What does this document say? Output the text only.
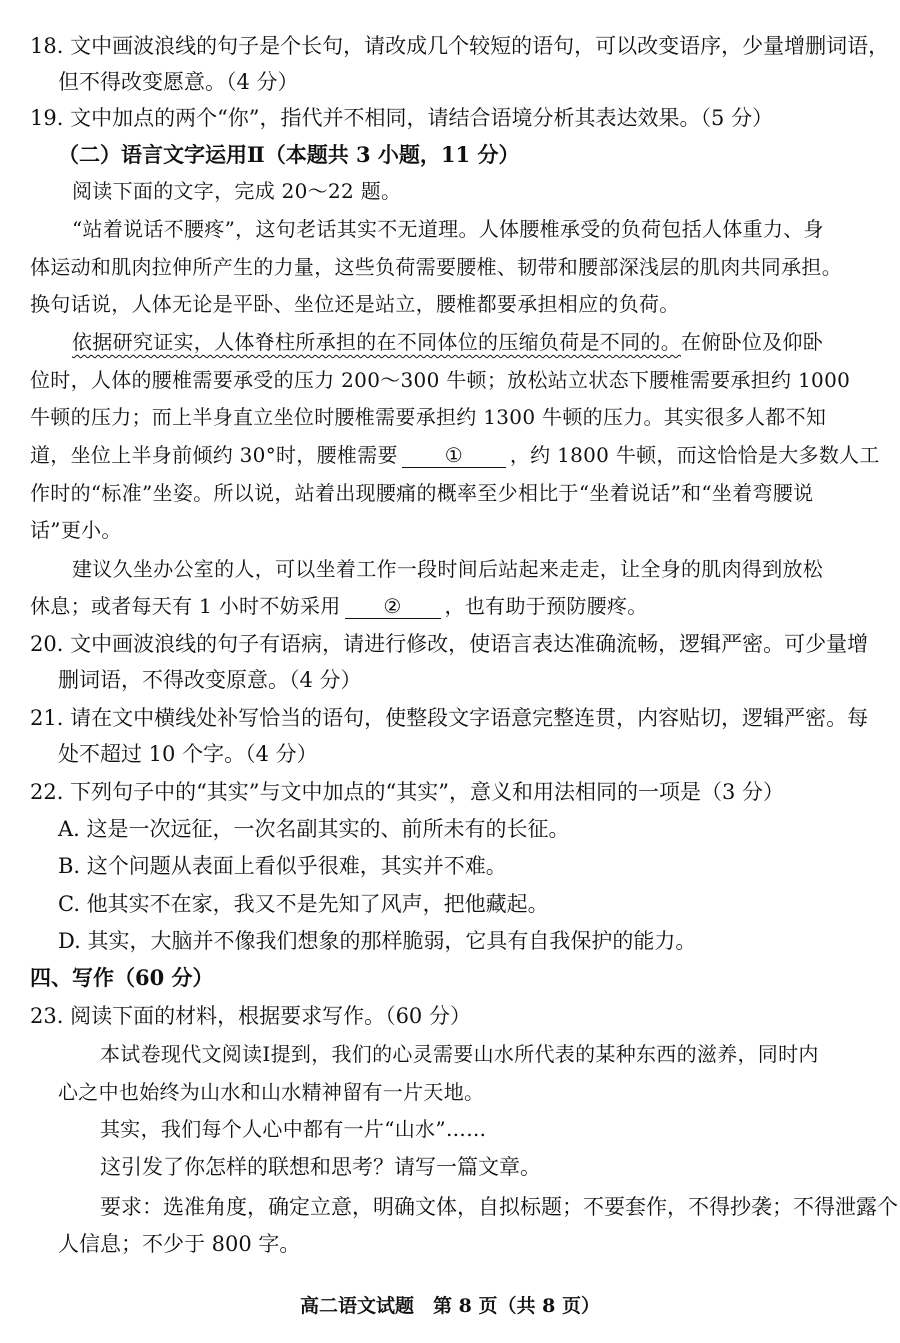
18. 文中画波浪线的句子是个长句，请改成几个较短的语句，可以改变语序，少量增删词语，
但不得改变愿意。（4 分）
19. 文中加点的两个“你”，指代并不相同，请结合语境分析其表达效果。（5 分）
（二）语言文字运用Ⅱ（本题共 3 小题，11 分）
阅读下面的文字，完成 20～22 题。
“站着说话不腰疼”，这句老话其实不无道理。人体腰椎承受的负荷包括人体重力、身
体运动和肌肉拉伸所产生的力量，这些负荷需要腰椎、韧带和腰部深浅层的肌肉共同承担。
换句话说，人体无论是平卧、坐位还是站立，腰椎都要承担相应的负荷。
依据研究证实，人体脊柱所承担的在不同体位的压缩负荷是不同的。在俯卧位及仰卧
位时，人体的腰椎需要承受的压力 200～300 牛顿；放松站立状态下腰椎需要承担约 1000
牛顿的压力；而上半身直立坐位时腰椎需要承担约 1300 牛顿的压力。其实很多人都不知
道，坐位上半身前倾约 30°时，腰椎需要 ① ，约 1800 牛顿，而这恰恰是大多数人工
作时的“标准”坐姿。所以说，站着出现腰痛的概率至少相比于“坐着说话”和“坐着弯腰说
话”更小。
建议久坐办公室的人，可以坐着工作一段时间后站起来走走，让全身的肌肉得到放松
休息；或者每天有 1 小时不妨采用 ② ，也有助于预防腰疼。
20. 文中画波浪线的句子有语病，请进行修改，使语言表达准确流畅，逻辑严密。可少量增
删词语，不得改变原意。（4 分）
21. 请在文中横线处补写恰当的语句，使整段文字语意完整连贯，内容贴切，逻辑严密。每
处不超过 10 个字。（4 分）
22. 下列句子中的“其实”与文中加点的“其实”，意义和用法相同的一项是（3 分）
A. 这是一次远征，一次名副其实的、前所未有的长征。
B. 这个问题从表面上看似乎很难，其实并不难。
C. 他其实不在家，我又不是先知了风声，把他藏起。
D. 其实，大脑并不像我们想象的那样脆弱，它具有自我保护的能力。
四、写作（60 分）
23. 阅读下面的材料，根据要求写作。（60 分）
本试卷现代文阅读Ⅰ提到，我们的心灵需要山水所代表的某种东西的滋养，同时内
心之中也始终为山水和山水精神留有一片天地。
其实，我们每个人心中都有一片“山水”……
这引发了你怎样的联想和思考？请写一篇文章。
要求：选准角度，确定立意，明确文体，自拟标题；不要套作，不得抄袭；不得泄露个
人信息；不少于 800 字。
高二语文试题　第 8 页（共 8 页）
